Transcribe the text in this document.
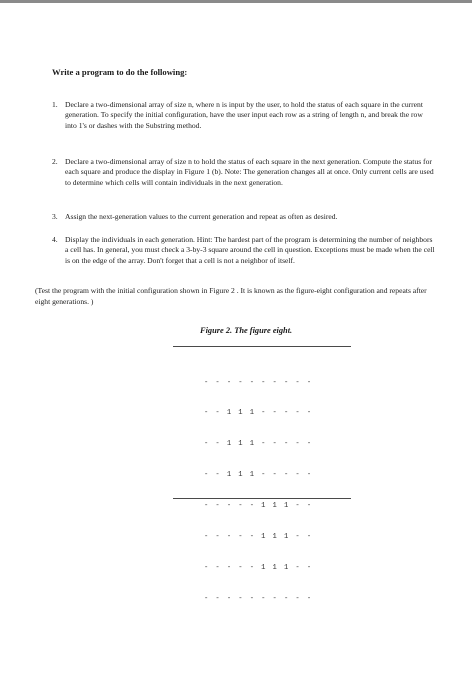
Write a program to do the following:
1. Declare a two-dimensional array of size n, where n is input by the user, to hold the status of each square in the current generation. To specify the initial configuration, have the user input each row as a string of length n, and break the row into 1's or dashes with the Substring method.
2. Declare a two-dimensional array of size n to hold the status of each square in the next generation. Compute the status for each square and produce the display in Figure 1 (b). Note: The generation changes all at once. Only current cells are used to determine which cells will contain individuals in the next generation.
3. Assign the next-generation values to the current generation and repeat as often as desired.
4. Display the individuals in each generation. Hint: The hardest part of the program is determining the number of neighbors a cell has. In general, you must check a 3-by-3 square around the cell in question. Exceptions must be made when the cell is on the edge of the array. Don't forget that a cell is not a neighbor of itself.
(Test the program with the initial configuration shown in Figure 2 . It is known as the figure-eight configuration and repeats after eight generations. )
Figure 2. The figure eight.

- - - - - - - - - -

- - 1 1 1 - - - - -

- - 1 1 1 - - - - -

- - 1 1 1 - - - - -

- - - - - 1 1 1 - -

- - - - - 1 1 1 - -

- - - - - 1 1 1 - -

- - - - - - - - - -
